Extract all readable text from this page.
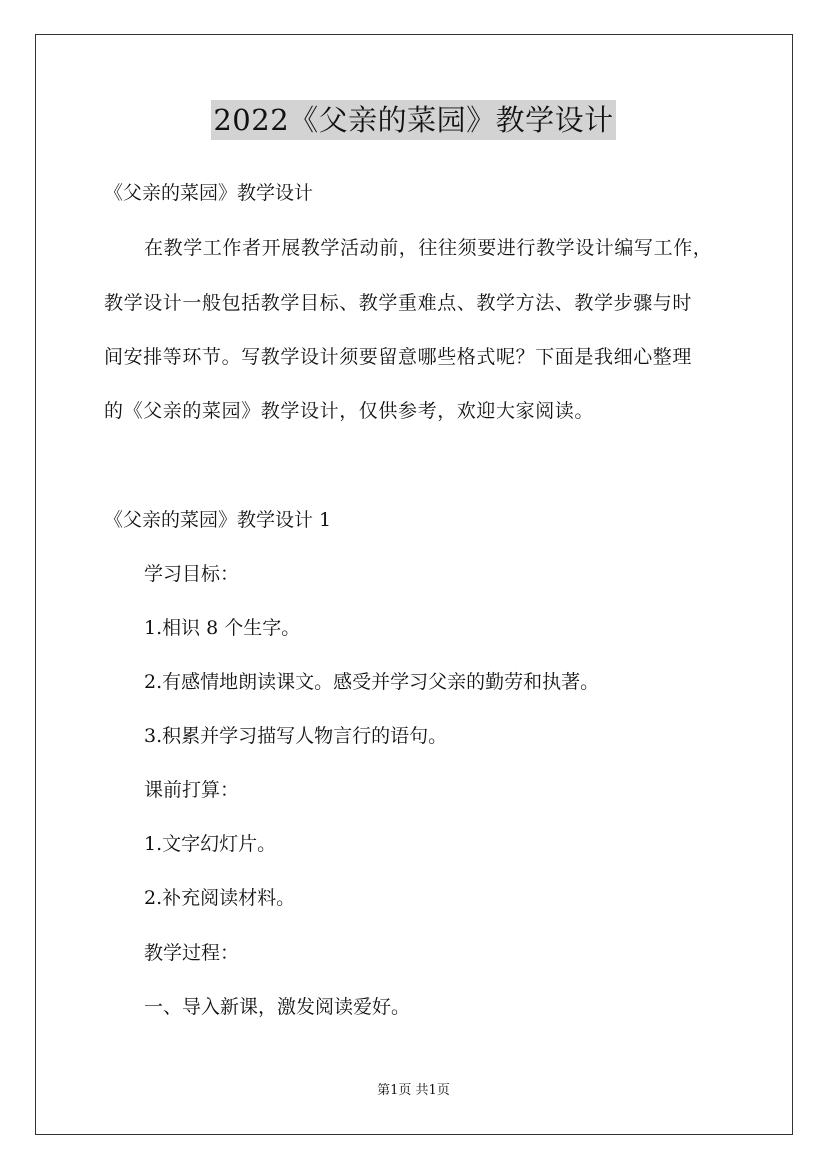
2022《父亲的菜园》教学设计
《父亲的菜园》教学设计
在教学工作者开展教学活动前，往往须要进行教学设计编写工作，
教学设计一般包括教学目标、教学重难点、教学方法、教学步骤与时
间安排等环节。写教学设计须要留意哪些格式呢？下面是我细心整理
的《父亲的菜园》教学设计，仅供参考，欢迎大家阅读。
《父亲的菜园》教学设计 1
学习目标：
1.相识 8 个生字。
2.有感情地朗读课文。感受并学习父亲的勤劳和执著。
3.积累并学习描写人物言行的语句。
课前打算：
1.文字幻灯片。
2.补充阅读材料。
教学过程：
一、导入新课，激发阅读爱好。
第1页 共1页
